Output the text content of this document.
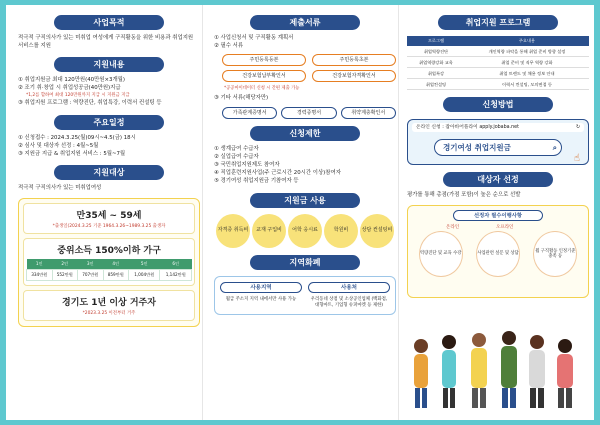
사업목적
적극적 구직의사가 있는 미취업 여성에게 구직활동을 위한 비용과 취업지원 서비스를 지원
지원내용
① 취업지원금 최대 120만원(40만원×3개월)
② 조기 취·창업 시 취업성공금(40만원)지급
*1,2를 합하여 최대 120만원까지 지급 시 지원금 지급
③ 취업지원 프로그램 : 역량진단, 취업특강, 이력서 컨설팅 등
주요일정
① 신청접수 : 2024.3.25(월)09시~4.5(금) 18시
② 심사 및 대상자 선정 : 4월~5월
③ 지원금 지급 & 취업지원 서비스 : 5월~7월
지원대상
적극적 구직의사가 있는 미취업여성
만35세 ~ 59세
*출생일(2024.3.25 기준 1964.3.26~1989.3.25 출생자
중위소득 150%이하 가구
1인	2인	3인	4인	5인	6인
334만원	552만원	707만원	859만원	1,004만원	1,142만원
경기도 1년 이상 거주자
*2023.3.25 이전부터 거주
제출서류
① 사업신청서 및 구직활동 계획서
② 필수 서류
주민등록등본	주민등록초본
건강보험납부확인서	건강보험자격확인서
*공공마이데이터 신청 시 간편 제출 가능
③ 기타 서류(해당자만)
가족관계증명서	경력증명서	취약계층확인서
신청제한
① 생계급여 수급자
② 실업급여 수급자
③ 국민취업지원제도 참여자
④ 직업훈련지원사업(주 근로시간 20시간 이상)참여자
⑤ 경기여성 취업지원금 기참여자 등
지원금 사용
자격증 취득비	교재 구입비	어학 응시료	학원비	상담 컨설팅비
지역화폐
사용지역
월급 주소지 지역 내에서만 사용 가능
사용처
우리동네 상점 및 소상공인업체 (백화점, 대형마트, 기업형 슈퍼마켓 등 제한)
취업지원 프로그램
프로그램	주요내용
취업역량진단	개인역량 파악을 통해 취업 준비 방향 설정
취업역량강화 교육	취업 준비 및 직무 역량 강화
취업특강	취업 트렌드 및 채용 정보 안내
취업컨설팅	이력서 컨설팅, 모의면접 등
신청방법
온라인 신청 : 잡아바어플라이 apply.jobaba.net	↻
경기여성 취업지원금	⌕
☝
대상자 선정
평가를 통해 총점(가점 포함)이 높은 순으로 선발
선정자 필수이행사항
온라인	오프라인
역량진단 및 교육 수강	사업관련 설문 및 상담
월 구직활동 인정기준 충족 등
